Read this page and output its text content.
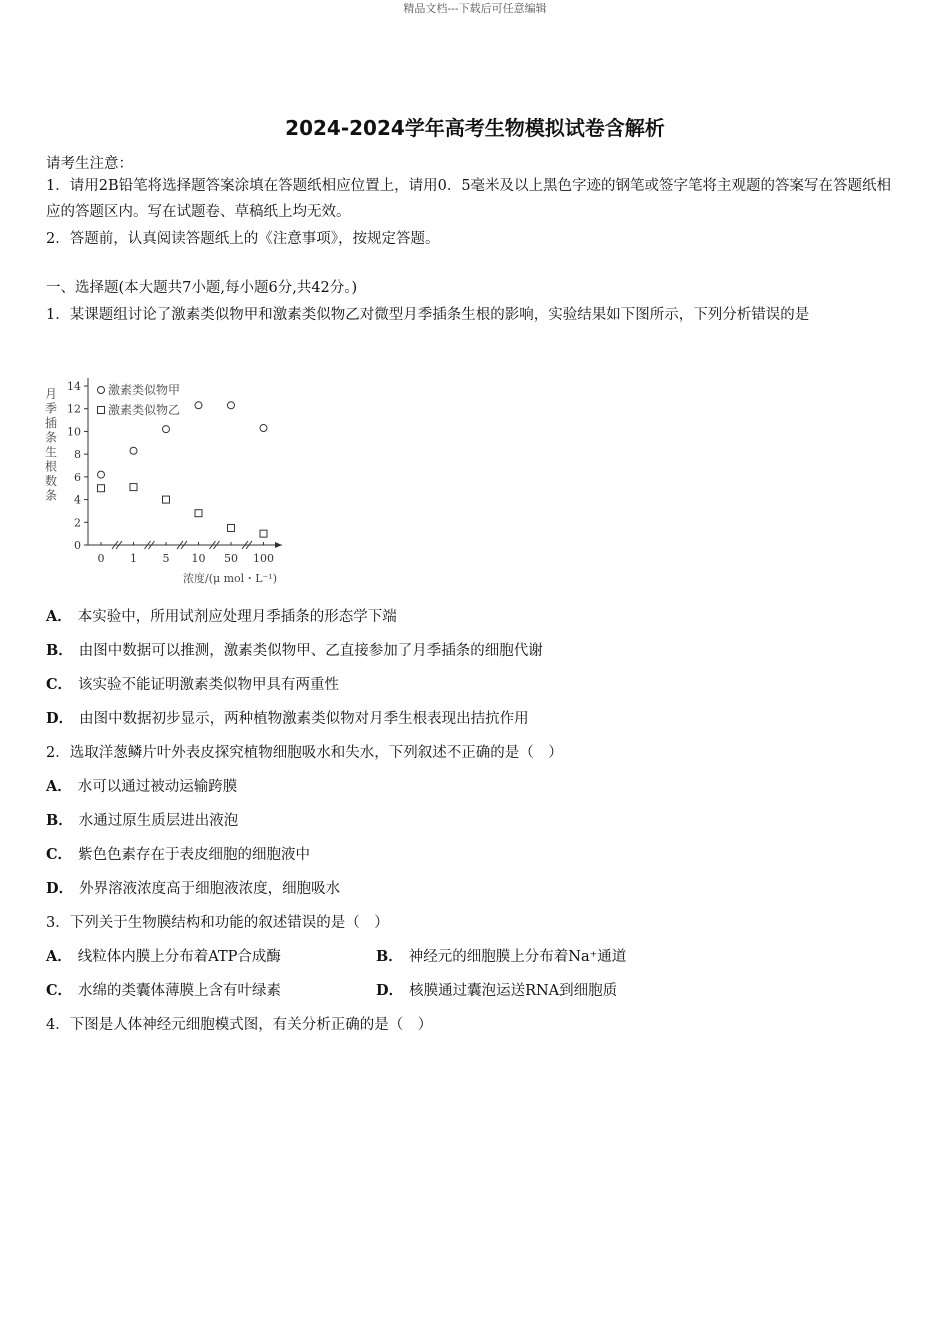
精品文档---下载后可任意编辑
2024-2024学年高考生物模拟试卷含解析
请考生注意：
1．请用2B铅笔将选择题答案涂填在答题纸相应位置上，请用0．5毫米及以上黑色字迹的钢笔或签字笔将主观题的答案写在答题纸相应的答题区内。写在试题卷、草稿纸上均无效。
2．答题前，认真阅读答题纸上的《注意事项》，按规定答题。
一、选择题(本大题共7小题,每小题6分,共42分。)
1．某课题组讨论了激素类似物甲和激素类似物乙对微型月季插条生根的影响，实验结果如下图所示，下列分析错误的是
0
2
4
6
8
10
12
14
0 1 5 10 50 100
月
季
插
条
生
根
数
条
激素类似物甲
激素类似物乙
浓度/(μ mol・L⁻¹)
A． 本实验中，所用试剂应处理月季插条的形态学下端
B． 由图中数据可以推测，激素类似物甲、乙直接参加了月季插条的细胞代谢
C． 该实验不能证明激素类似物甲具有两重性
D． 由图中数据初步显示，两种植物激素类似物对月季生根表现出拮抗作用
2．选取洋葱鳞片叶外表皮探究植物细胞吸水和失水，下列叙述不正确的是（　）
A． 水可以通过被动运输跨膜
B． 水通过原生质层进出液泡
C． 紫色色素存在于表皮细胞的细胞液中
D． 外界溶液浓度高于细胞液浓度，细胞吸水
3．下列关于生物膜结构和功能的叙述错误的是（　）
A． 线粒体内膜上分布着ATP合成酶	B． 神经元的细胞膜上分布着Na⁺通道
C． 水绵的类囊体薄膜上含有叶绿素	D． 核膜通过囊泡运送RNA到细胞质
4．下图是人体神经元细胞模式图，有关分析正确的是（　）
